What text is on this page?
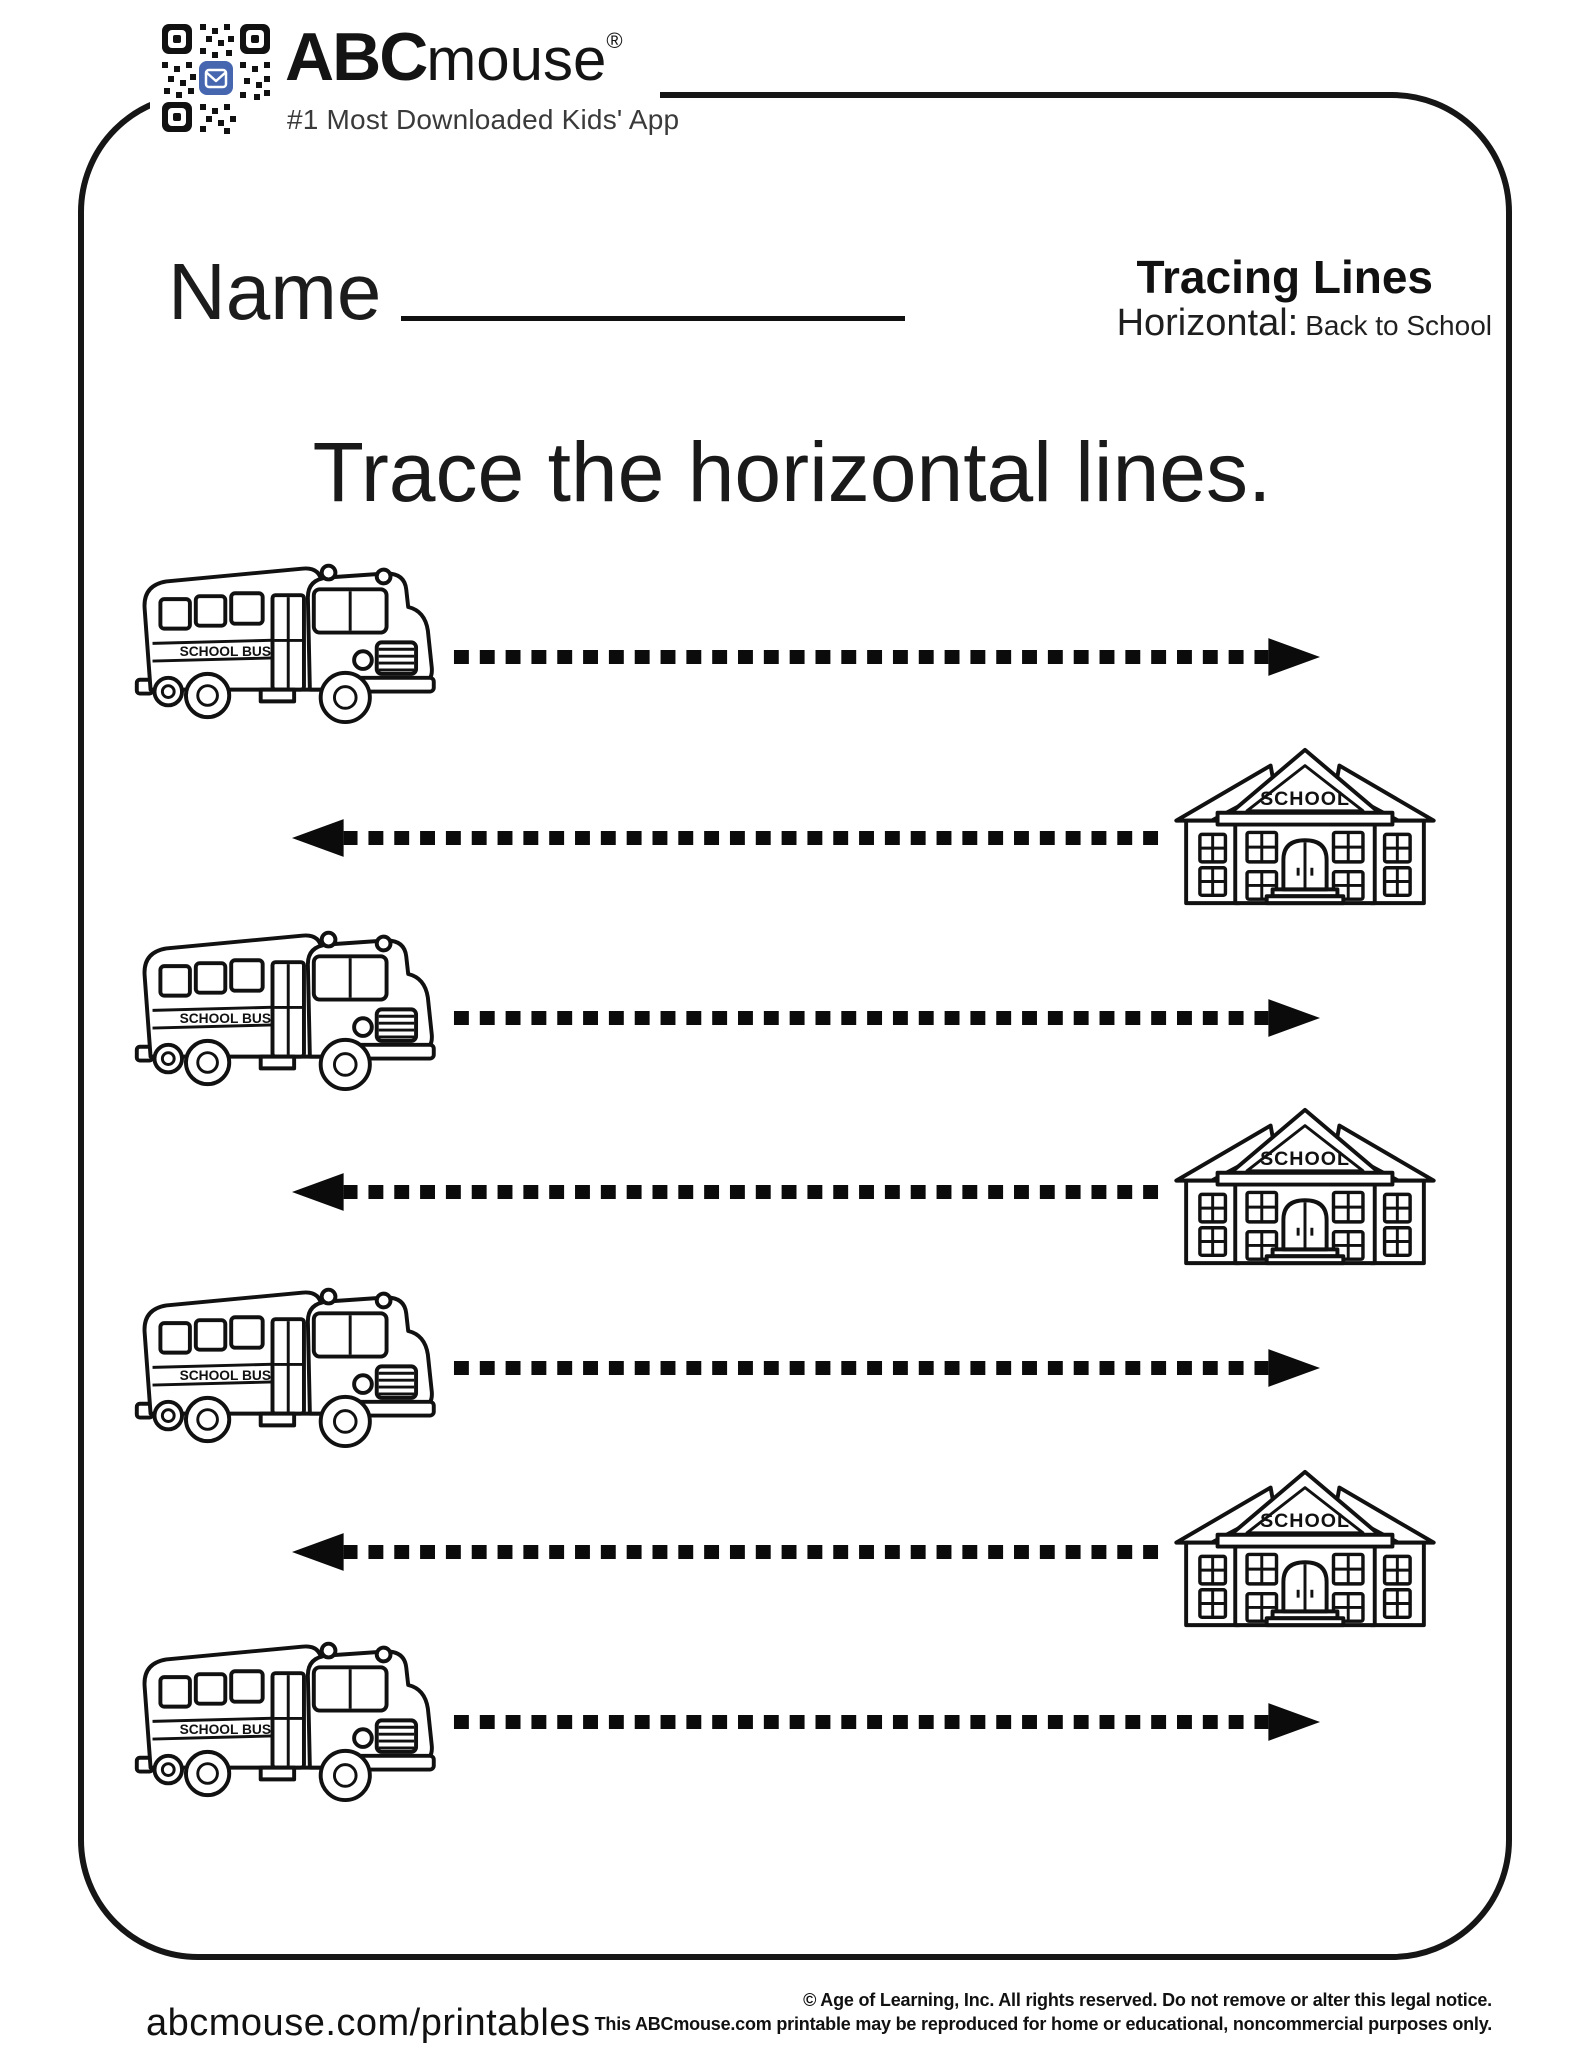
ABCmouse®
#1 Most Downloaded Kids' App
Name	Tracing Lines
Horizontal: Back to School
Trace the horizontal lines.
abcmouse.com/printables
© Age of Learning, Inc. All rights reserved. Do not remove or alter this legal notice.
This ABCmouse.com printable may be reproduced for home or educational, noncommercial purposes only.
